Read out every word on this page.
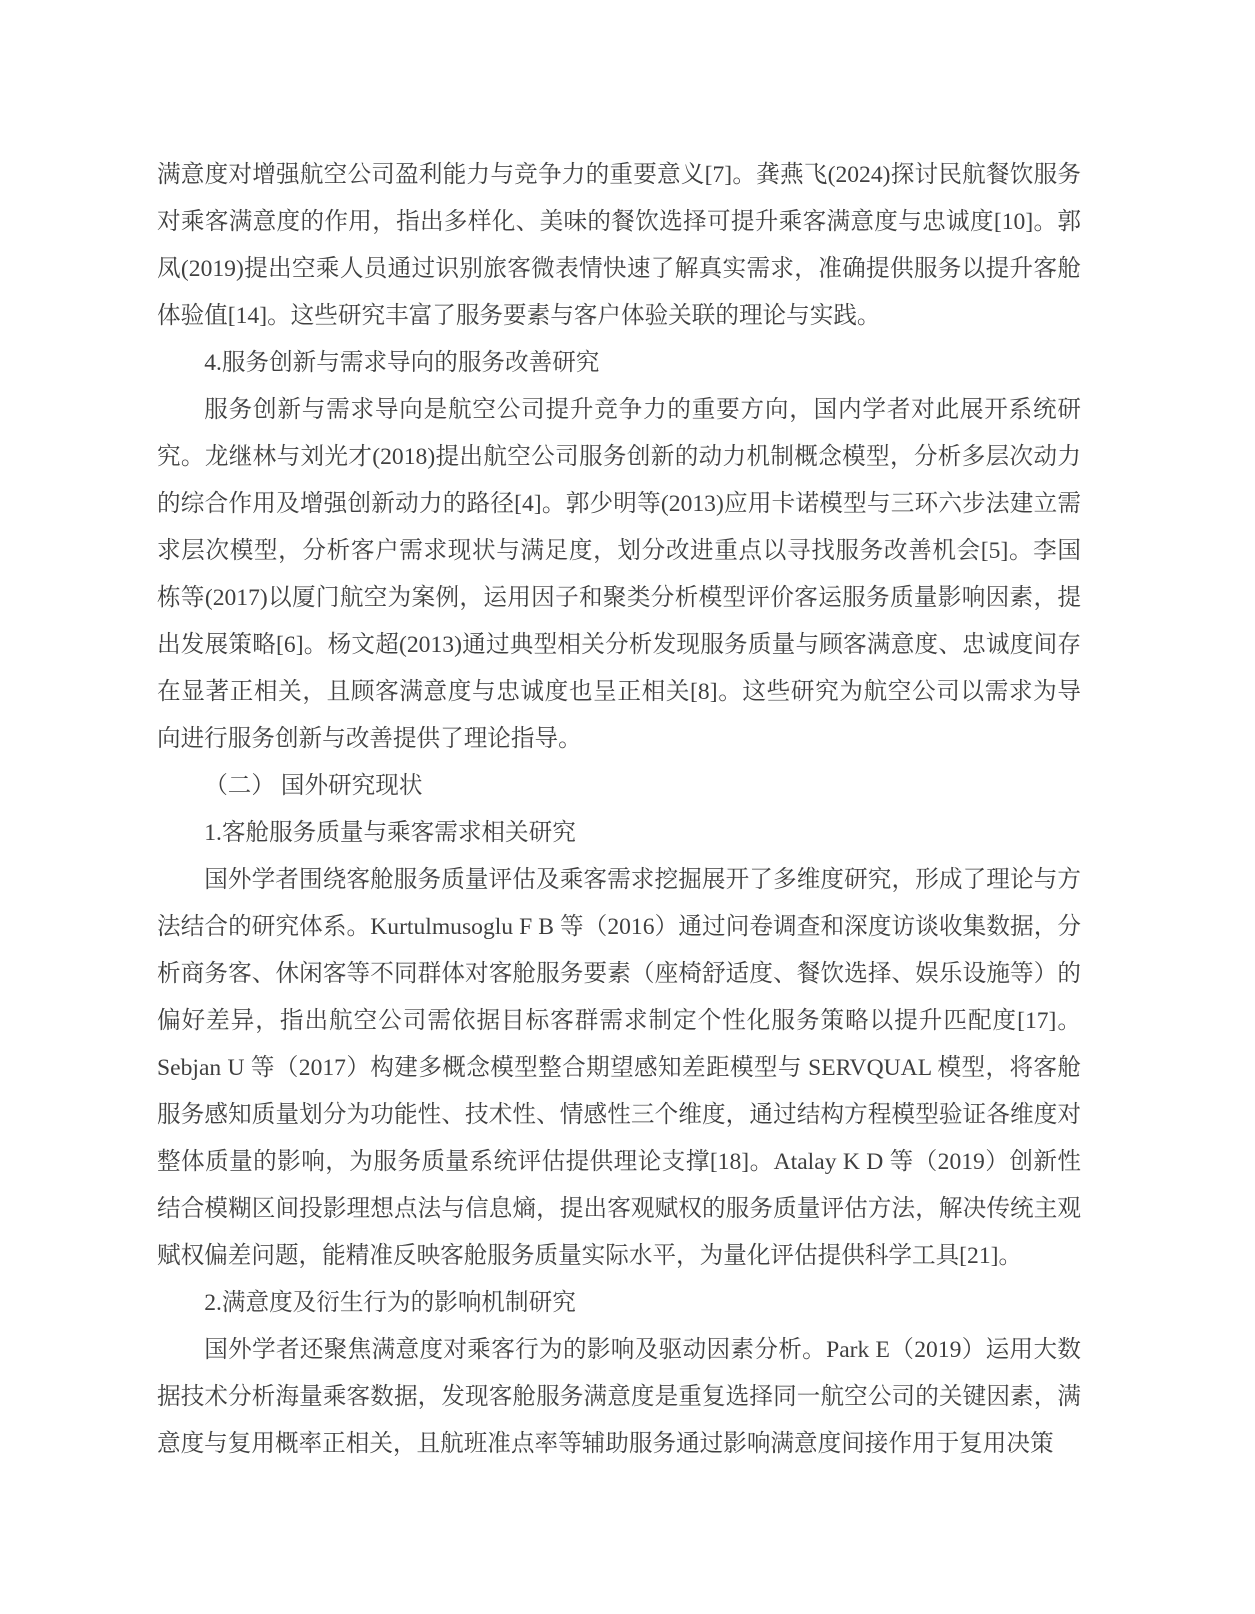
满意度对增强航空公司盈利能力与竞争力的重要意义[7]。龚燕飞(2024)探讨民航餐饮服务对乘客满意度的作用，指出多样化、美味的餐饮选择可提升乘客满意度与忠诚度[10]。郭凤(2019)提出空乘人员通过识别旅客微表情快速了解真实需求，准确提供服务以提升客舱体验值[14]。这些研究丰富了服务要素与客户体验关联的理论与实践。

4.服务创新与需求导向的服务改善研究

服务创新与需求导向是航空公司提升竞争力的重要方向，国内学者对此展开系统研究。龙继林与刘光才(2018)提出航空公司服务创新的动力机制概念模型，分析多层次动力的综合作用及增强创新动力的路径[4]。郭少明等(2013)应用卡诺模型与三环六步法建立需求层次模型，分析客户需求现状与满足度，划分改进重点以寻找服务改善机会[5]。李国栋等(2017)以厦门航空为案例，运用因子和聚类分析模型评价客运服务质量影响因素，提出发展策略[6]。杨文超(2013)通过典型相关分析发现服务质量与顾客满意度、忠诚度间存在显著正相关，且顾客满意度与忠诚度也呈正相关[8]。这些研究为航空公司以需求为导向进行服务创新与改善提供了理论指导。

（二） 国外研究现状

1.客舱服务质量与乘客需求相关研究

国外学者围绕客舱服务质量评估及乘客需求挖掘展开了多维度研究，形成了理论与方法结合的研究体系。Kurtulmusoglu F B 等（2016）通过问卷调查和深度访谈收集数据，分析商务客、休闲客等不同群体对客舱服务要素（座椅舒适度、餐饮选择、娱乐设施等）的偏好差异，指出航空公司需依据目标客群需求制定个性化服务策略以提升匹配度[17]。Sebjan U 等（2017）构建多概念模型整合期望感知差距模型与 SERVQUAL 模型，将客舱服务感知质量划分为功能性、技术性、情感性三个维度，通过结构方程模型验证各维度对整体质量的影响，为服务质量系统评估提供理论支撑[18]。Atalay K D 等（2019）创新性结合模糊区间投影理想点法与信息熵，提出客观赋权的服务质量评估方法，解决传统主观赋权偏差问题，能精准反映客舱服务质量实际水平，为量化评估提供科学工具[21]。

2.满意度及衍生行为的影响机制研究

国外学者还聚焦满意度对乘客行为的影响及驱动因素分析。Park E（2019）运用大数据技术分析海量乘客数据，发现客舱服务满意度是重复选择同一航空公司的关键因素，满意度与复用概率正相关，且航班准点率等辅助服务通过影响满意度间接作用于复用决策
